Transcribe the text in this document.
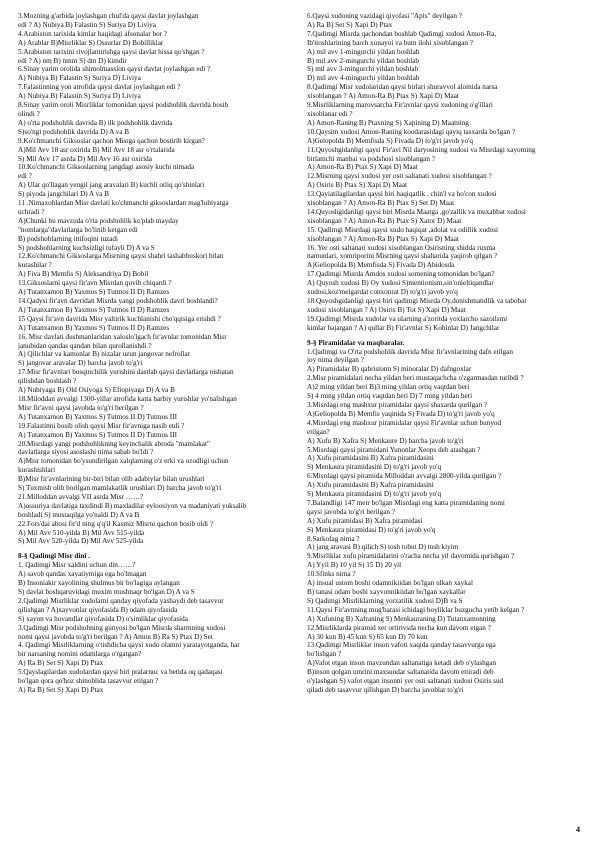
3.Mozning g'arbida joylashgan chul'da qaysi davlat joylashgan
edi ? A) Nubiya B) Falastin S) Suriya D) Liviya
4.Arabiston tarixida kimlar haqidagi afsonalar bor ?
A) Arablar B)Misrliklar S) Ossurlar D) Bobilliklar
5.Arabiston tarixini rivojlantirishga qaysi davlat hissa qo'shgan ?
edi ? A) nm B) nmm S) dm D) kimdir
6.Sinay yarim orolida shimolmassion qaysi davlat joylashgan edi ?
A) Nubiya B) Falastin S) Suriya D) Liviya
7.Falastinning yon atrofida qaysi davlat joylashgan edi ?
A) Nubiya B) Falastin S) Suriya D) Liviya
8.Sinay yarim oroli Misrliklar tomonidan qaysi podshohlik davrida bosib
olindi ?
A) o'rta podshohlik davrida B) ilk podshohlik davrida
S)so'ngi podshohlik davrida D) A va B
9.Ko'chmanchi Giksoslar qachon Misrga qachon bostirib kirgan?
A)Mil Avv 18 asr oxirida B) Mil Avv 18 asr o'rtalarida
S) Mil Avv 17 asrda D) Mil Avv 16 asr oxirida
10.Ko'chmanchi Giksoslarning jangdagi asosiy kuchi nimada
edi ?
A) Ular qo'llagan yengil jang aravalari B) kuchli otliq qo'shinlari
S) piyoda jangchilari D) A va B
11 .Nimaxohlardan Misr davlati ko'chmanchi giksoslardan mag'lubiyatga
uchradi ?
A)Chunki bu mavzuda o'rta podshohlik ko'plab mayday
"nomlarga"davlatlarga bo'linib ketgan edi
B) podshohlarning ittifoqini tuzadi
S) podshohlarning kuchsizligi tufayli D) A va S
12.Ko'chmanchi Giksoslarga Misrning qaysi shahri tashabbuskori bilan
kurashilar ?
A) Fiva B) Memfis S) Aleksandriya D) Bobil
13.Giksoslarni qaysi fir'avn Misrdan quvib chiqardi ?
A) Tutanxamon B) Yaxmos S) Tutmos II D) Ramzes
14.Qadysi fir'avn davridan Misrda yangi podshohlik davri boshlandi?
A) Tutanxamon B) Yaxmos S) Tutmos II D) Ramzes
15 Qaysi fir'avn davrida Misr yaltirik kuchlanishi cho'qqisiga erishdi ?
A) Tutanxamon B) Yaxmos S) Tutmos II D) Ramzes
16. Misr davlati dushmanlaridan xaloslo'lgach fir'avnlar tomonidan Misr
janubidan qandas qandan bilan qurollanishdi ?
A) Qilichlar va kamonlar B) nizalar uzun jangovar nefrollar
S) jangovar aravalar D) barcha javob to'g'ri
17.Misr fir'avnlari bosqinchilik yurishini dastlab qaysi davlatlarga nisbatan
qilishdan boshlash ?
A) Nubiyaga B) Old Osiyoga S) Efiopiyaga D) A va B
18.Miloddan avvalgi 1300-yillar atrofida katta harbiy yurishlar yo'nalishgan
Misr fir'avni qaysi javobda to'g'ri berilgan ?
A) Tutanxamon B) Yaxmos S) Tutmos II D) Tutmos III
19.Falastinni bosib olish qaysi Misr fir'avniga nasib etdi ?
A) Tutanxamon B) Yaxmos S) Tutmos II D) Tutmos III
20.Misrdagi yangi podshohlikning keyinchalik abroda "mamlakat"
davlatlarga siyosi asoslashi nima sabab bo'ldi ?
A)Misr tomonidan bo'ysundirilgan xalqlarning o'z erki va ozodligi uchun
kurashishlari
B)Misr fir'avnlarining bir-biri bilan olib adabiylar bilan urushlari
S) Tuxmish olib borilgan mamlakatlik urushlari D) barcha javob to'g'ri
21.Milloddan avvalgi VII asrda Misr ……?
A)ossuriya davlatiga taxdindi B) maxladilar eyloosiyon va madaniyati yuksalib
boshladi S) mustaqilga yo'naldi D) A va B
22.Fors'dai abosi fir'd ning q'q'il Kasmiz Misrni qachon bosib oldi ?
A) Mil Avv 510-yilda B) Mil Avv 515-yilda
S) Mil Avv 520-yilda D) Mil Avv 525-yilda
8-§ Qadimgi Misr dini .
1. Qadimgi Misr xaldini uchun din……?
A) savob qandas xayatiymiga ega bo'lmagan
B) Insoniakir xayolining shulmus bir bo'lagiga aylangan
S) davlat boshqaruvidagi muxim mushnaqr bo'lgan D) A va S
2.Qadimgi Misrliklar xudolarni qanday qiyofada yashaydi deb tasavvur
qilishgan ? A)xayvonlar qiyofasida B) odam qiyofasida
S) xayon va hovandlar qiyofasida D) o'simliklar qiyofasida
3.Qadimgi Misr podshohning gunyosi bo'lgan Misrda sharmning xudosi
nomi qaysi javobda to'g'ri berilgan ? A) Amun B) Ra S) Ptax D) Set
4. Qadimgi Misrliklarning o'tishdicha qaysi xudo olamni yaratayotganda, har
bir narsaning nomini odamlarga o'rgatgan?
A) Ra B) Set S) Xapi D) Ptax
5.Qayslagilardan xudolardan qaysi biri pralarnuc va betida oq qadaqasi
bo'lgan qora qo'hoz shinoblida tasavvur etilgan ?
A) Ra B) Set S) Xapi D) Ptax
6.Qaysi xudoning vazidagi qiyofasi "Apis" deyilgan ?
A) Ra B) Set S) Xapi D) Ptax
7.Qadimgi Misrda qachondan boshlab Qadimgi xudosi Amon-Ra,
Ib'itoshlarining barch xonayoi va butn ilohi xisoblangan ?
A) mil avv 1-mingurchi yildan boshlab
B) mil avv 2-mingurchi yildan boshlab
S) mil avv 3-mingurchi yildan boshlab
D) mil avv 4-mingurchi yildan boshlab
8.Qadimgi Misr xudolaridan qaysi birlari shuravvol alomida narsa
xisoblangan ? A) Amon-Ra B) Ptax S) Xapi D) Maat
9.Misrliklarning marovsarcha Fir'avnlar qaysi xudoning o'g'illari
xisoblanar edi ?
A) Amon-Raning B) Ptaxning S) Xapining D) Maatning
10.Qaysim xudosi Amon-Raning koodarasidagi qayiq tasxarda bo'lgan ?
A)Gelopolda B) Memfisda S) Fivada D) to'g'ri javob yo'q
11.Quyoshgidanligi qaysi Fir'avi Nil daryosining xudosi va Misrdagi xayotning
birlamchi manbai va podshosi xisoblangan ?
A) Amon-Ra B) Ptax S) Xapi D) Maat
12.Misrning qaysi xudosi yer osti saltanati xudosi xisoblangan ?
A) Osiris B) Ptax S) Xapi D) Maat
13.Qayiatilagilardan qaysi biri haqiqatlik , chin'l va ho'con xudosi
xisoblangan ? A) Amon-Ra B) Ptax S) Set D) Maat
14.Quyoshgidanligi qaysi biri Misrda Maatga ,go'zallik va muxabbat xudosi
xisoblangan ? A) Amon-Ra B) Ptax S) Xator D) Maat
15. Qadimgi Misrdagi qaysi xudo haqiqat ,adolat va odillik xudosi
xisoblangan ? A) Amon-Ra B) Ptax S) Xapi D) Maat
16. Yer osti saltanati xudosi xisoblangan Osirisning shidda ruxma
namunlari, xomriporini Misrning qaysi shaharida yaqirob qilgan ?
A)Geliopolda B) Memfisda S) Fivada D) Abidosda
17.Qadimgi Misrda Amdos xudosi somening tomonidan bo'lgan?
A) Quyosh xudosi B) Oy xudosi S)mentionism,sin'onieltiqandlar
xudosi,koz'melgardat conxonrat D) to'g'ri javob yo'q
18.Quyoshgidanligi qaysi biri qadimgi Misrda Oy,donishmandlik va tabobat
xudosi xisoblangan ? A) Osiris B) Tot S) Xapi D) Maat
19.Qadimgi Misrda xudolar va ularning a'zoritda yoxlarcho sazoilsmi
kimlar bajargan ? A) qullar B) Fir'avnlar S) Kohinlar D) Jangchilar
9-§ Piramidalar va maqbaralar.
1.Qadimgi va O'rta podshohlik davrida Misr fir'avnlarining dafn etilgan
joy nima deyilgan ?
A) Piramidalar B) qabristonn S) minoralar D) dafngoxlar
2.Misr piramidalari necha yildan beri mustaqachcha o'zgarmasdan turibdi ?
A)2 ming yildan beri B)3 ming yildan ortiq vaqtdan beri
S) 4 ming yildan ortiq vaqtdan beri D) 7 ming yildan beri
3.Misrdagi eng mashxur piramidalar qaysi shaxarda qurilgan ?
A)Geliopolda B) Memfis yaqinida S) Fivada D) to'g'ri javob yo'q
4.Misrdagi eng mashxur piramidalar qaysi Fir'avnlar uchun bunyod
etilgan?
A) Xufu B) Xafra S) Menkaure D) barcha javob to'g'ri
5.Misrdagi qaysi piramidani Yunonlar Xeops deb atashgan ?
A) Xufu piramidasini B) Xafra piramidasini
S) Menkaura piramidasini D) to'g'ri javob yo'q
6.Misrdagi qaysi piramida Milloddan avvalgi 2800-yilda qurilgan ?
A) Xufu piramidasini B) Xafra piramidasini
S) Menkaura piramidasini D) to'g'ri javob yo'q
7.Balandligi 147 metr bo'lgan Misrdagi eng katta piramidaning nomi
qaysi javobda to'g'ri berilgan ?
A) Xufu piramidasi B) Xafra piramidasi
S) Menkaura piramidasi D) to'g'ri javob yo'q
8.Sarkofag nima ?
A) jang aravasi B) qilich S) tosh tobut D) tosh kiyim
9.Misrliklar xufu piramidalarini o'racha necha yil davomida qurishgan ?
A) Yyil B) 10 yil S) 15 D) 20 yil
10.Sfinks nima ?
A) insual ustom boshi odamnikiidan bo'lgan ulkan xaykal
B) tanasi odam boshi xayvonnikiidan bo'lgan xaykallar
S) Qadimgi Misrliklarning yorzatilik xudosi D)B va S
11.Qaysi Fir'avnning mug'barasi ichidagi boyliklar buzgucha yetib kelgan ?
A) Xufuning B) Xafraning S) Menkauraning D) Tutanxamonning
12.Misrliklarda piramid xer ortirivsda necha kun davom etgan ?
A) 30 kun B) 45 kun S) 65 kun D) 70 kun
13.Qadimgi Misrliklar inson vafoti xaqida qanday tasavvurga ega
bo'lishgan ?
A)Vafot etgan inson mavzundan saltanatiga ketadi deb o'ylashgan
B)inson qolgan umrini maxsundar saltanatida davom ettiradi deb
o'ylashgan S) vafot etgan insonni yer osti saltanati xudosi Osiris sud
qiladi deb tasavvur qilishgan D) barcha javoblar to'g'ri
4
